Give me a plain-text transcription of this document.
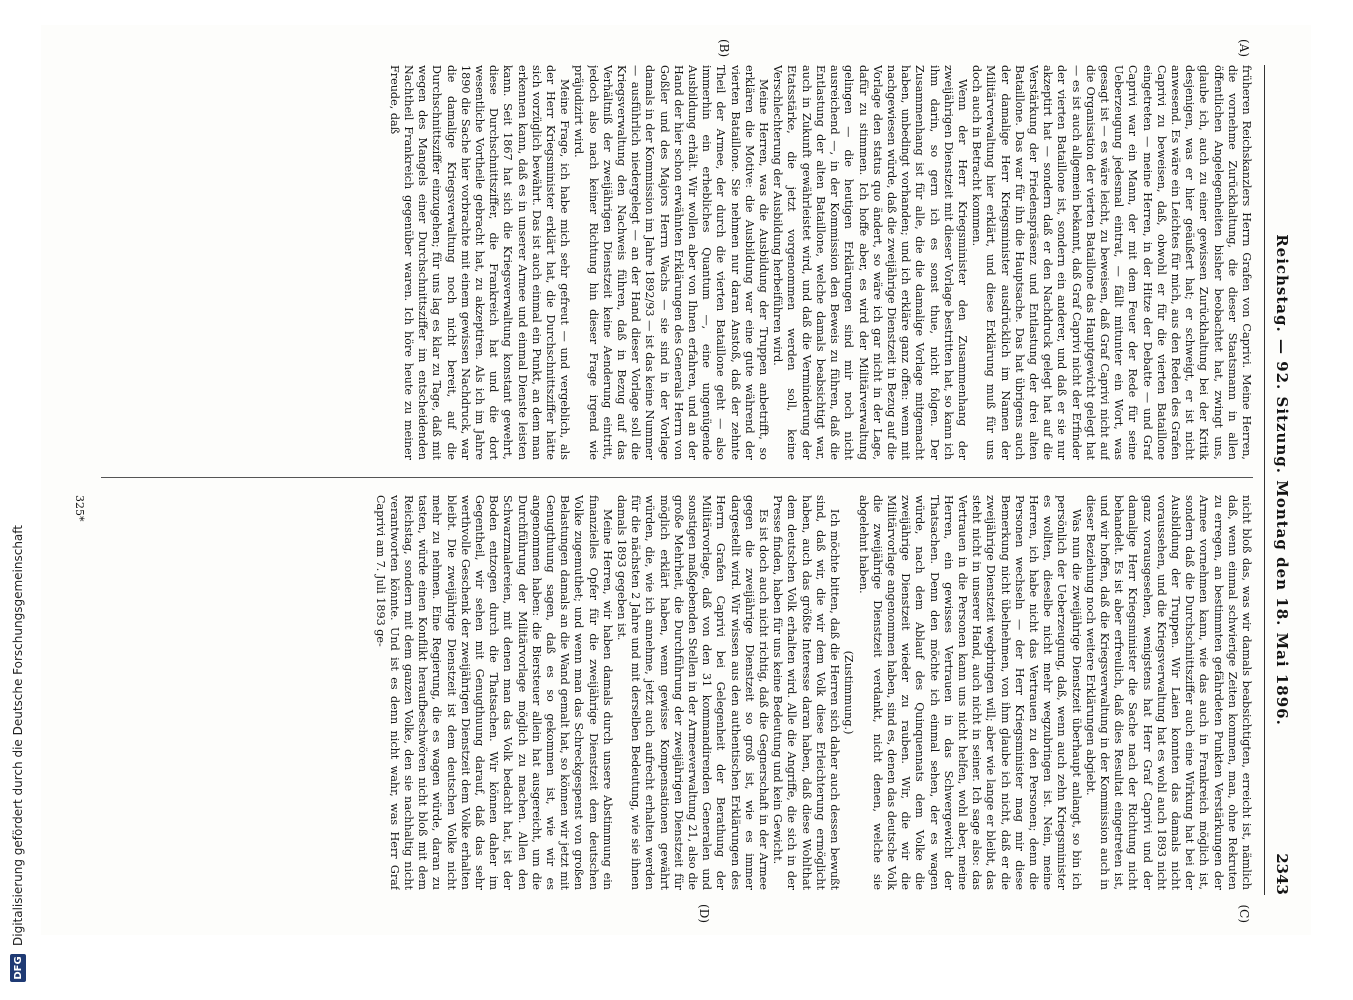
DFG
Digitalisierung gefördert durch die Deutsche Forschungsgemeinschaft
Reichstag. — 92. Sitzung. Montag den 18. Mai 1896.
2343
(A)
(B)
(C)
(D)

früheren Reichskanzlers Herrn Grafen von Caprivi. Meine Herren, die vornehme Zurückhaltung, die dieser Staatsmann in allen öffentlichen Angelegenheiten bisher beobachtet hat, zwingt uns, glaube ich, auch zu einer gewissen Zurückhaltung bei der Kritik desjenigen, was er hier geäußert hat; er schweigt, er ist nicht anwesend. Es wäre ein Leichtes für mich, aus den Reden des Grafen Caprivi zu beweisen, daß, obwohl er für die vierten Bataillone eingetreten — meine Herren, in der Hitze der Debatte — und Graf Caprivi war ein Mann, der mit dem Feuer der Rede für seine Ueberzeugung jedesmal eintrat, — fällt mitunter ein Wort, was gesagt ist — es wäre leicht, zu beweisen, daß Graf Caprivi nicht auf die Organisation der vierten Bataillone das Hauptgewicht gelegt hat — es ist auch allgemein bekannt, daß Graf Caprivi nicht der Erfinder der vierten Bataillone ist, sondern ein anderer, und daß er sie nur akzeptirt hat — sondern daß er den Nachdruck gelegt hat auf die Verstärkung der Friedenspräsenz und Entlastung der drei alten Bataillone. Das war für ihn die Hauptsache. Das hat übrigens auch der damalige Herr Kriegsminister ausdrücklich im Namen der Militärverwaltung hier erklärt, und diese Erklärung muß für uns doch auch in Betracht kommen.

Wenn der Herr Kriegsminister den Zusammenhang der zweijährigen Dienstzeit mit dieser Vorlage bestritten hat, so kann ich ihm darin, so gern ich es sonst thue, nicht folgen. Der Zusammenhang ist für alle, die die damalige Vorlage mitgemacht haben, unbedingt vorhanden; und ich erkläre ganz offen: wenn mit nachgewiesen würde, daß die zweijährige Dienstzeit in Bezug auf die Vorlage den status quo ändert, so wäre ich gar nicht in der Lage, dafür zu stimmen. Ich hoffe aber, es wird der Militärverwaltung gelingen — die heutigen Erklärungen sind mir noch nicht ausreichend —, in der Kommission den Beweis zu führen, daß die Entlastung der alten Bataillone, welche damals beabsichtigt war, auch in Zukunft gewährleistet wird, und daß die Verminderung der Etatsstärke, die jetzt vorgenommen werden soll, keine Verschlechterung der Ausbildung herbeiführen wird.

Meine Herren, was die Ausbildung der Truppen anbetrifft, so erklären die Motive: die Ausbildung war eine gute während der vierten Bataillone. Sie nehmen nur daran Anstoß, daß der zehnte Theil der Armee, der durch die vierten Bataillone geht — also immerhin ein erhebliches Quantum —, eine ungenügende Ausbildung erhält. Wir wollen aber von Ihnen erfahren, und an der Hand der hier schon erwähnten Erklärungen des Generals Herrn von Goßler und des Majors Herrn Wachs — sie sind in der Vorlage damals in der Kommission im Jahre 1892/93 — ist das keine Nummer — ausführlich niedergelegt — an der Hand dieser Vorlage soll die Kriegsverwaltung den Nachweis führen, daß in Bezug auf das Verhältniß der zweijährigen Dienstzeit keine Aenderung eintritt, jedoch also nach keiner Richtung hin dieser Frage irgend wie präjudizirt wird.

Meine Frage, ich habe mich sehr gefreut — und vergeblich, als der Herr Kriegsminister erklärt hat, die Durchschnittsziffer hätte sich vorzüglich bewährt. Das ist auch einmal ein Punkt, an dem man erkennen kann, daß es in unserer Armee und einmal Dienste leisten kann. Seit 1867 hat sich die Kriegsverwaltung konstant gewehrt, diese Durchschnittsziffer, die Frankreich hat und die dort wesentliche Vortheile gebracht hat, zu akzeptiren. Als ich im Jahre 1890 die Sache hier vorbrachte mit einem gewissen Nachdruck, war die damalige Kriegsverwaltung noch nicht bereit, auf die Durchschnittsziffer einzugehen; für uns lag es klar zu Tage, daß mit wegen des Mangels einer Durchschnittsziffer im entscheidenden Nachtheil Frankreich gegenüber waren. Ich höre heute zu meiner Freude, daß

nicht bloß das, was wir damals beabsichtigten, erreicht ist, nämlich daß, wenn einmal schwierige Zeiten kommen, man, ohne Rekruten zu erregen, an bestimmten gefährdeten Punkten Verstärkungen der Armee vornehmen kann, wie das auch in Frankreich möglich ist, sondern daß die Durchschnittsziffer auch eine Wirkung hat bei der Ausbildung der Truppen. Wir Laien konnten das damals nicht voraussehen, und die Kriegsverwaltung hat es wohl auch 1893 nicht ganz vorausgesehen, wenigstens hat Herr Graf Caprivi und der damalige Herr Kriegsminister die Sache nach der Richtung nicht behandelt. Es ist aber erfreulich, daß dies Resultat eingetreten ist, und wir hoffen, daß die Kriegsverwaltung in der Kommission auch in dieser Beziehung noch weitere Erklärungen abgiebt.

Was nun die zweijährige Dienstzeit überhaupt anlangt, so bin ich persönlich der Ueberzeugung, daß, wenn auch zehn Kriegsminister es wollten, dieselbe nicht mehr wegzubringen ist. Nein, meine Herren, ich habe nicht das Vertrauen zu den Personen; denn die Personen wechseln — der Herr Kriegsminister mag mir diese Bemerkung nicht übelnehmen, von ihm glaube ich nicht, daß er die zweijährige Dienstzeit wegbringen will; aber wie lange er bleibt, das steht nicht in unserer Hand, auch nicht in seiner. Ich sage also: das Vertrauen in die Personen kann uns nicht helfen, wohl aber, meine Herren, ein gewisses Vertrauen in das Schwergewicht der Thatsachen. Denn den möchte ich einmal sehen, der es wagen würde, nach dem Ablauf des Quinquennats dem Volke die zweijährige Dienstzeit wieder zu rauben. Wir, die wir die Militärvorlage angenommen haben, sind es, denen das deutsche Volk die zweijährige Dienstzeit verdankt, nicht denen, welche sie abgelehnt haben.

(Zustimmung.)

Ich möchte bitten, daß die Herren sich daher auch dessen bewußt sind, daß wir, die wir dem Volk diese Erleichterung ermöglicht haben, auch das größte Interesse daran haben, daß diese Wohlthat dem deutschen Volk erhalten wird. Alle die Angriffe, die sich in der Presse finden, haben für uns keine Bedeutung und kein Gewicht.

Es ist doch auch nicht richtig, daß die Gegnerschaft in der Armee gegen die zweijährige Dienstzeit so groß ist, wie es immer dargestellt wird. Wir wissen aus den authentischen Erklärungen des Herrn Grafen Caprivi bei Gelegenheit der Berathung der Militärvorlage, daß von den 31 kommandirenden Generalen und sonstigen maßgebenden Stellen in der Armeeverwaltung 21, also die große Mehrheit, die Durchführung der zweijährigen Dienstzeit für möglich erklärt haben, wenn gewisse Kompensationen gewährt würden, die, wie ich annehme, jetzt auch aufrecht erhalten werden für die nächsten 2 Jahre und mit derselben Bedeutung, wie sie ihnen damals 1893 gegeben ist.

Meine Herren, wir haben damals durch unsere Abstimmung ein finanzielles Opfer für die zweijährige Dienstzeit dem deutschen Volke zugemuthet; und wenn man das Schreckgespenst von großen Belastungen damals an die Wand gemalt hat, so können wir jetzt mit Genugthuung sagen, daß es so gekommen ist, wie wir es angenommen haben: die Biersteuer allein hat ausgereicht, um die Durchführung der Militärvorlage möglich zu machen. Allen den Schwarzmalereien, mit denen man das Volk bedacht hat, ist der Boden entzogen durch die Thatsachen. Wir können daher im Gegentheil, wir sehen mit Genugthuung darauf, daß das sehr werthvolle Geschenk der zweijährigen Dienstzeit dem Volke erhalten bleibt. Die zweijährige Dienstzeit ist dem deutschen Volke nicht mehr zu nehmen. Eine Regierung, die es wagen würde, daran zu tasten, würde einen Konflikt heraufbeschwören nicht bloß mit dem Reichstag, sondern mit dem ganzen Volke, den sie nachhaltig nicht verantworten könnte. Und ist es denn nicht wahr, was Herr Graf Caprivi am 7. Juli 1893 ge-

325*
